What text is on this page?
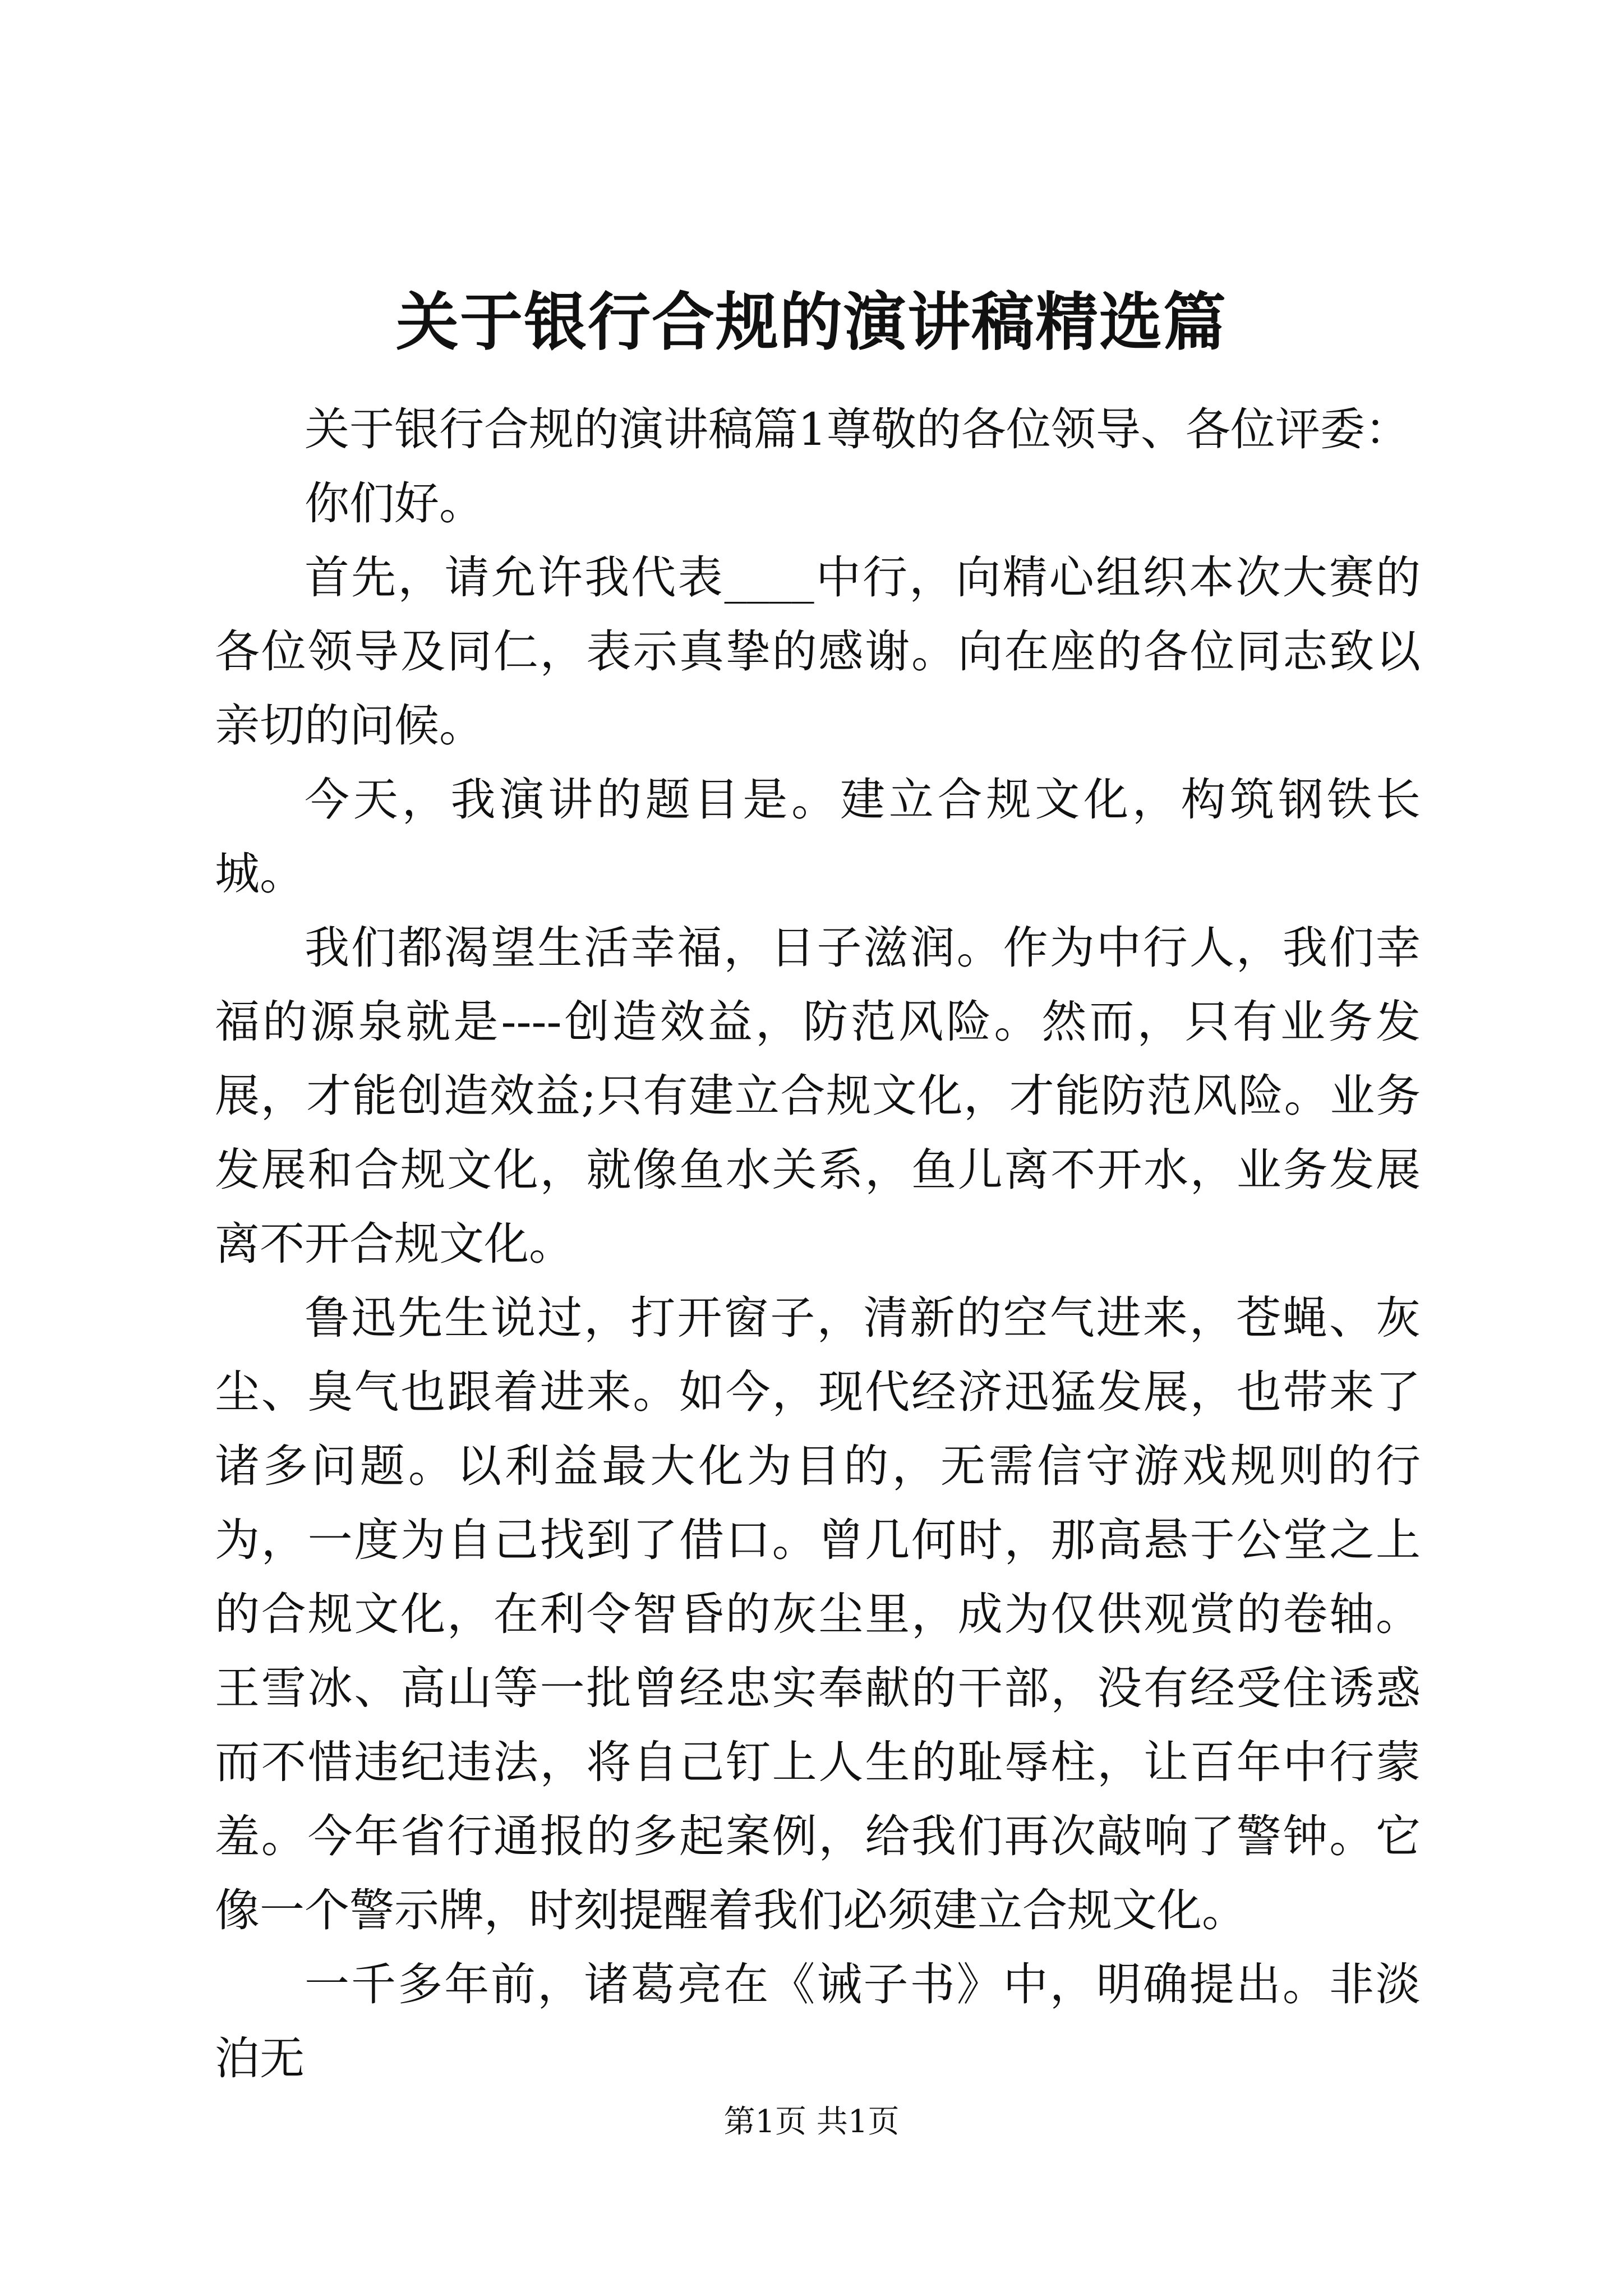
关于银行合规的演讲稿精选篇

关于银行合规的演讲稿篇1尊敬的各位领导、各位评委：

你们好。

首先，请允许我代表____中行，向精心组织本次大赛的各位领导及同仁，表示真挚的感谢。向在座的各位同志致以亲切的问候。

今天，我演讲的题目是。建立合规文化，构筑钢铁长城。

我们都渴望生活幸福，日子滋润。作为中行人，我们幸福的源泉就是----创造效益，防范风险。然而，只有业务发展，才能创造效益;只有建立合规文化，才能防范风险。业务发展和合规文化，就像鱼水关系，鱼儿离不开水，业务发展离不开合规文化。

鲁迅先生说过，打开窗子，清新的空气进来，苍蝇、灰尘、臭气也跟着进来。如今，现代经济迅猛发展，也带来了诸多问题。以利益最大化为目的，无需信守游戏规则的行为，一度为自己找到了借口。曾几何时，那高悬于公堂之上的合规文化，在利令智昏的灰尘里，成为仅供观赏的卷轴。王雪冰、高山等一批曾经忠实奉献的干部，没有经受住诱惑而不惜违纪违法，将自己钉上人生的耻辱柱，让百年中行蒙羞。今年省行通报的多起案例，给我们再次敲响了警钟。它像一个警示牌，时刻提醒着我们必须建立合规文化。

一千多年前，诸葛亮在《诫子书》中，明确提出。非淡泊无

第1页 共1页
